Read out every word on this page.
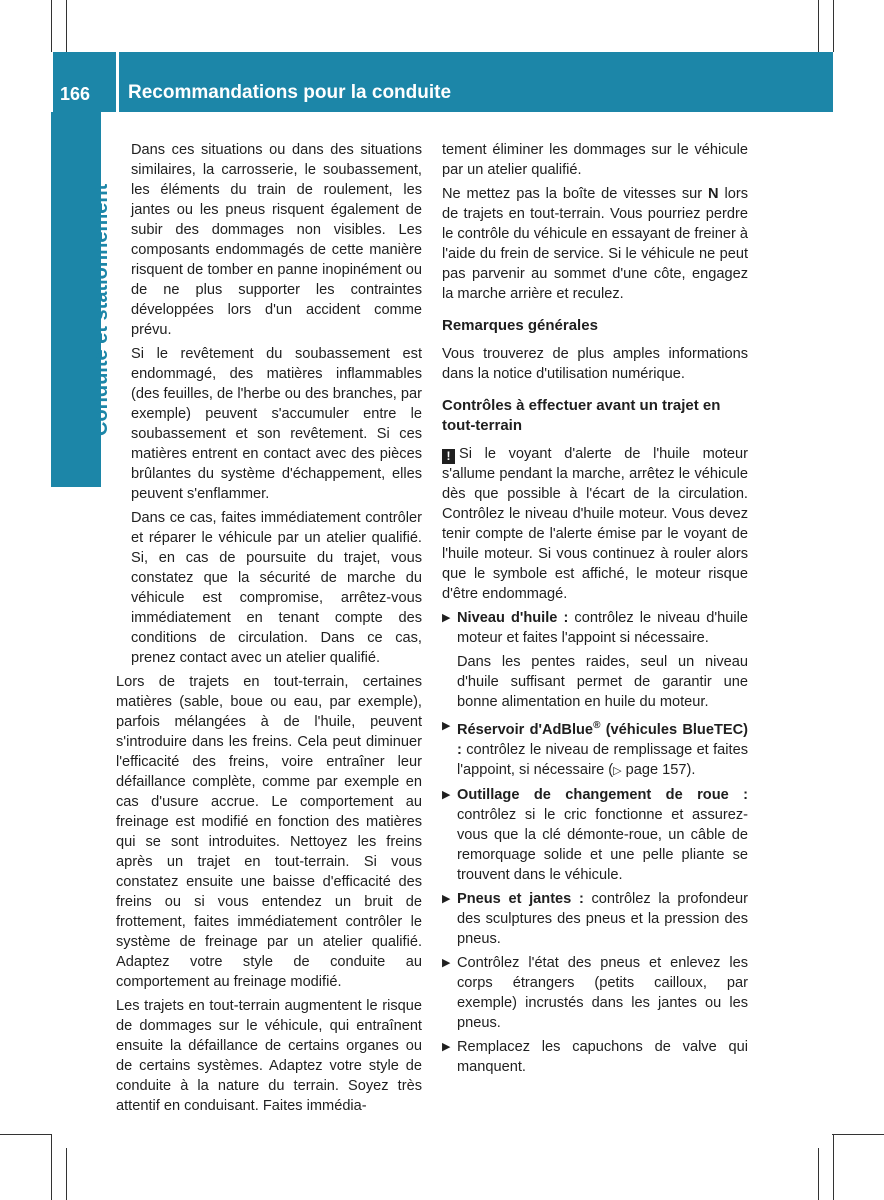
166	Recommandations pour la conduite
Conduite et stationnement

Dans ces situations ou dans des situations similaires, la carrosserie, le soubassement, les éléments du train de roulement, les jantes ou les pneus risquent également de subir des dommages non visibles. Les composants endommagés de cette manière risquent de tomber en panne inopinément ou de ne plus supporter les contraintes développées lors d'un accident comme prévu.

Si le revêtement du soubassement est endommagé, des matières inflammables (des feuilles, de l'herbe ou des branches, par exemple) peuvent s'accumuler entre le soubassement et son revêtement. Si ces matières entrent en contact avec des pièces brûlantes du système d'échappement, elles peuvent s'enflammer.

Dans ce cas, faites immédiatement contrôler et réparer le véhicule par un atelier qualifié. Si, en cas de poursuite du trajet, vous constatez que la sécurité de marche du véhicule est compromise, arrêtez-vous immédiatement en tenant compte des conditions de circulation. Dans ce cas, prenez contact avec un atelier qualifié.

Lors de trajets en tout-terrain, certaines matières (sable, boue ou eau, par exemple), parfois mélangées à de l'huile, peuvent s'introduire dans les freins. Cela peut diminuer l'efficacité des freins, voire entraîner leur défaillance complète, comme par exemple en cas d'usure accrue. Le comportement au freinage est modifié en fonction des matières qui se sont introduites. Nettoyez les freins après un trajet en tout-terrain. Si vous constatez ensuite une baisse d'efficacité des freins ou si vous entendez un bruit de frottement, faites immédiatement contrôler le système de freinage par un atelier qualifié. Adaptez votre style de conduite au comportement au freinage modifié.

Les trajets en tout-terrain augmentent le risque de dommages sur le véhicule, qui entraînent ensuite la défaillance de certains organes ou de certains systèmes. Adaptez votre style de conduite à la nature du terrain. Soyez très attentif en conduisant. Faites immédia-

tement éliminer les dommages sur le véhicule par un atelier qualifié.

Ne mettez pas la boîte de vitesses sur N lors de trajets en tout-terrain. Vous pourriez perdre le contrôle du véhicule en essayant de freiner à l'aide du frein de service. Si le véhicule ne peut pas parvenir au sommet d'une côte, engagez la marche arrière et reculez.

Remarques générales

Vous trouverez de plus amples informations dans la notice d'utilisation numérique.

Contrôles à effectuer avant un trajet en tout-terrain

! Si le voyant d'alerte de l'huile moteur s'allume pendant la marche, arrêtez le véhicule dès que possible à l'écart de la circulation. Contrôlez le niveau d'huile moteur. Vous devez tenir compte de l'alerte émise par le voyant de l'huile moteur. Si vous continuez à rouler alors que le symbole est affiché, le moteur risque d'être endommagé.

▶ Niveau d'huile : contrôlez le niveau d'huile moteur et faites l'appoint si nécessaire.
Dans les pentes raides, seul un niveau d'huile suffisant permet de garantir une bonne alimentation en huile du moteur.
▶ Réservoir d'AdBlue® (véhicules BlueTEC) : contrôlez le niveau de remplissage et faites l'appoint, si nécessaire (▷ page 157).
▶ Outillage de changement de roue : contrôlez si le cric fonctionne et assurez-vous que la clé démonte-roue, un câble de remorquage solide et une pelle pliante se trouvent dans le véhicule.
▶ Pneus et jantes : contrôlez la profondeur des sculptures des pneus et la pression des pneus.
▶ Contrôlez l'état des pneus et enlevez les corps étrangers (petits cailloux, par exemple) incrustés dans les jantes ou les pneus.
▶ Remplacez les capuchons de valve qui manquent.
